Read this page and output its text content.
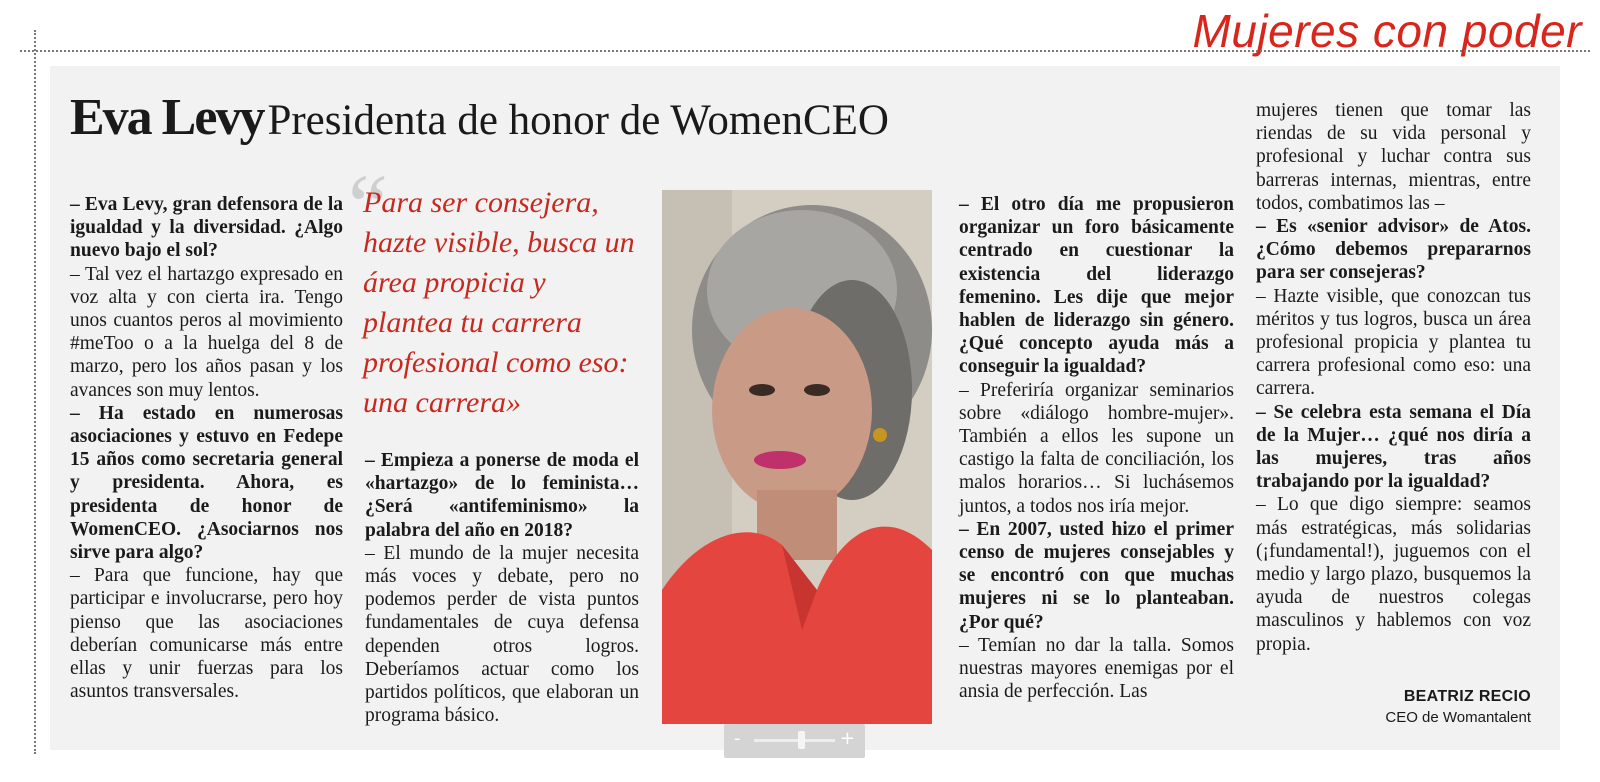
Mujeres con poder
Eva Levy Presidenta de honor de WomenCEO

– Eva Levy, gran defensora de la igualdad y la diversidad. ¿Algo nuevo bajo el sol?

– Tal vez el hartazgo expresado en voz alta y con cierta ira. Tengo unos cuantos peros al movimiento #meToo o a la huelga del 8 de marzo, pero los años pasan y los avances son muy lentos.

– Ha estado en numerosas asociaciones y estuvo en Fedepe 15 años como secretaria general y presidenta. Ahora, es presidenta de honor de WomenCEO. ¿Asociarnos nos sirve para algo?

– Para que funcione, hay que participar e involucrarse, pero hoy pienso que las asociaciones deberían comunicarse más entre ellas y unir fuerzas para los asuntos transversales.

“
Para ser consejera, hazte visible, busca un área propicia y plantea tu carrera profesional como eso: una carrera»

– Empieza a ponerse de moda el «hartazgo» de lo feminista… ¿Será «antifeminismo» la palabra del año en 2018?

– El mundo de la mujer necesita más voces y debate, pero no podemos perder de vista puntos fundamentales de cuya defensa dependen otros logros. Deberíamos actuar como los partidos políticos, que elaboran un programa básico.

– El otro día me propusieron organizar un foro básicamente centrado en cuestionar la existencia del liderazgo femenino. Les dije que mejor hablen de liderazgo sin género. ¿Qué concepto ayuda más a conseguir la igualdad?

– Preferiría organizar seminarios sobre «diálogo hombre-mujer». También a ellos les supone un castigo la falta de conciliación, los malos horarios… Si luchásemos juntos, a todos nos iría mejor.

– En 2007, usted hizo el primer censo de mujeres consejables y se encontró con que muchas mujeres ni se lo planteaban. ¿Por qué?

– Temían no dar la talla. Somos nuestras mayores enemigas por el ansia de perfección. Las

mujeres tienen que tomar las riendas de su vida personal y profesional y luchar contra sus barreras internas, mientras, entre todos, combatimos las –

– Es «senior advisor» de Atos. ¿Cómo debemos prepararnos para ser consejeras?

– Hazte visible, que conozcan tus méritos y tus logros, busca un área profesional propicia y plantea tu carrera profesional como eso: una carrera.

– Se celebra esta semana el Día de la Mujer… ¿qué nos diría a las mujeres, tras años trabajando por la igualdad?

– Lo que digo siempre: seamos más estratégicas, más solidarias (¡fundamental!), juguemos con el medio y largo plazo, busquemos la ayuda de nuestros colegas masculinos y hablemos con voz propia.

BEATRIZ RECIO
CEO de Womantalent
-	+
